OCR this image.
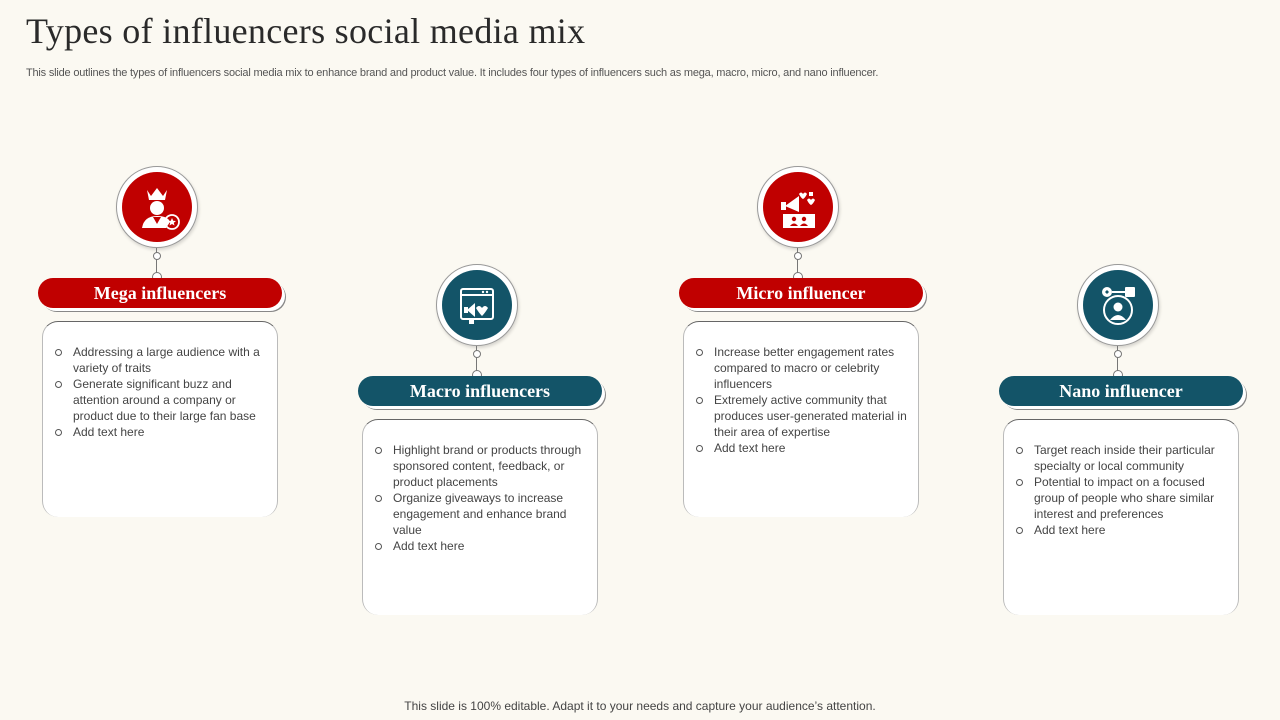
Types of influencers social media mix
This slide outlines the types of influencers social media mix to enhance brand and product value. It includes four types of influencers such as mega, macro, micro, and nano influencer.
Mega influencers
Addressing a large audience with a variety of traits
Generate significant buzz and attention around a company or product due to their large fan base
Add text here
Macro influencers
Highlight brand or products through sponsored content, feedback, or product placements
Organize giveaways to increase engagement and enhance brand value
Add text here
Micro influencer
Increase better engagement rates compared to macro or celebrity influencers
Extremely active community that produces user-generated material in their area of expertise
Add text here
Nano influencer
Target reach inside their particular specialty or local community
Potential to impact on a focused group of people who share similar interest and preferences
Add text here
This slide is 100% editable. Adapt it to your needs and capture your audience’s attention.
